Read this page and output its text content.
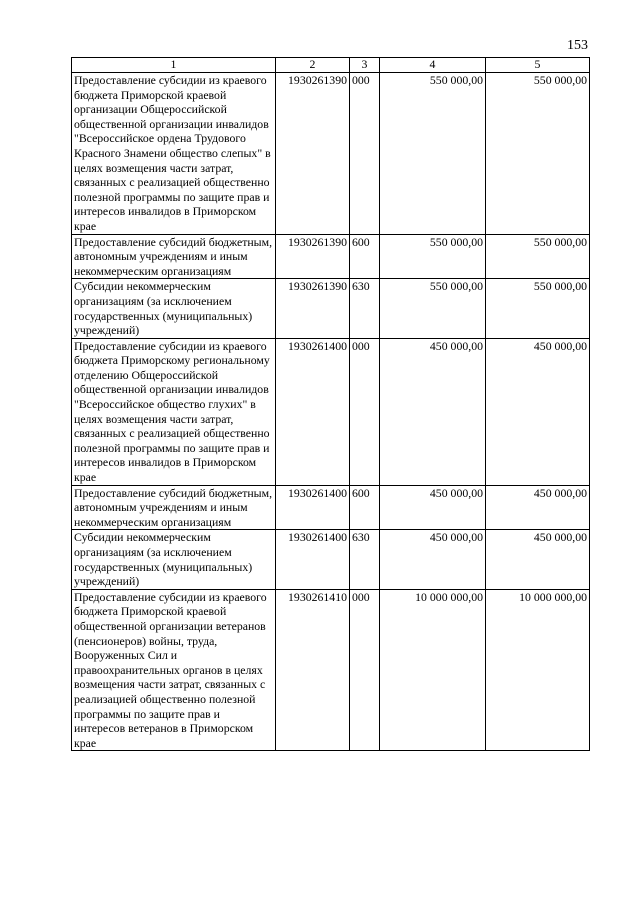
153
1	2	3	4	5
Предоставление субсидии из краевого бюджета Приморской краевой организации Общероссийской общественной организации инвалидов "Всероссийское ордена Трудового Красного Знамени общество слепых" в целях возмещения части затрат, связанных с реализацией общественно полезной программы по защите прав и интересов инвалидов в Приморском крае	1930261390	000	550 000,00	550 000,00
Предоставление субсидий бюджетным, автономным учреждениям и иным некоммерческим организациям	1930261390	600	550 000,00	550 000,00
Субсидии некоммерческим организациям (за исключением государственных (муниципальных) учреждений)	1930261390	630	550 000,00	550 000,00
Предоставление субсидии из краевого бюджета Приморскому региональному отделению Общероссийской общественной организации инвалидов "Всероссийское общество глухих" в целях возмещения части затрат, связанных с реализацией общественно полезной программы по защите прав и интересов инвалидов в Приморском крае	1930261400	000	450 000,00	450 000,00
Предоставление субсидий бюджетным, автономным учреждениям и иным некоммерческим организациям	1930261400	600	450 000,00	450 000,00
Субсидии некоммерческим организациям (за исключением государственных (муниципальных) учреждений)	1930261400	630	450 000,00	450 000,00
Предоставление субсидии из краевого бюджета Приморской краевой общественной организации ветеранов (пенсионеров) войны, труда, Вооруженных Сил и правоохранительных органов в целях возмещения части затрат, связанных с реализацией общественно полезной программы по защите прав и интересов ветеранов в Приморском крае	1930261410	000	10 000 000,00	10 000 000,00
